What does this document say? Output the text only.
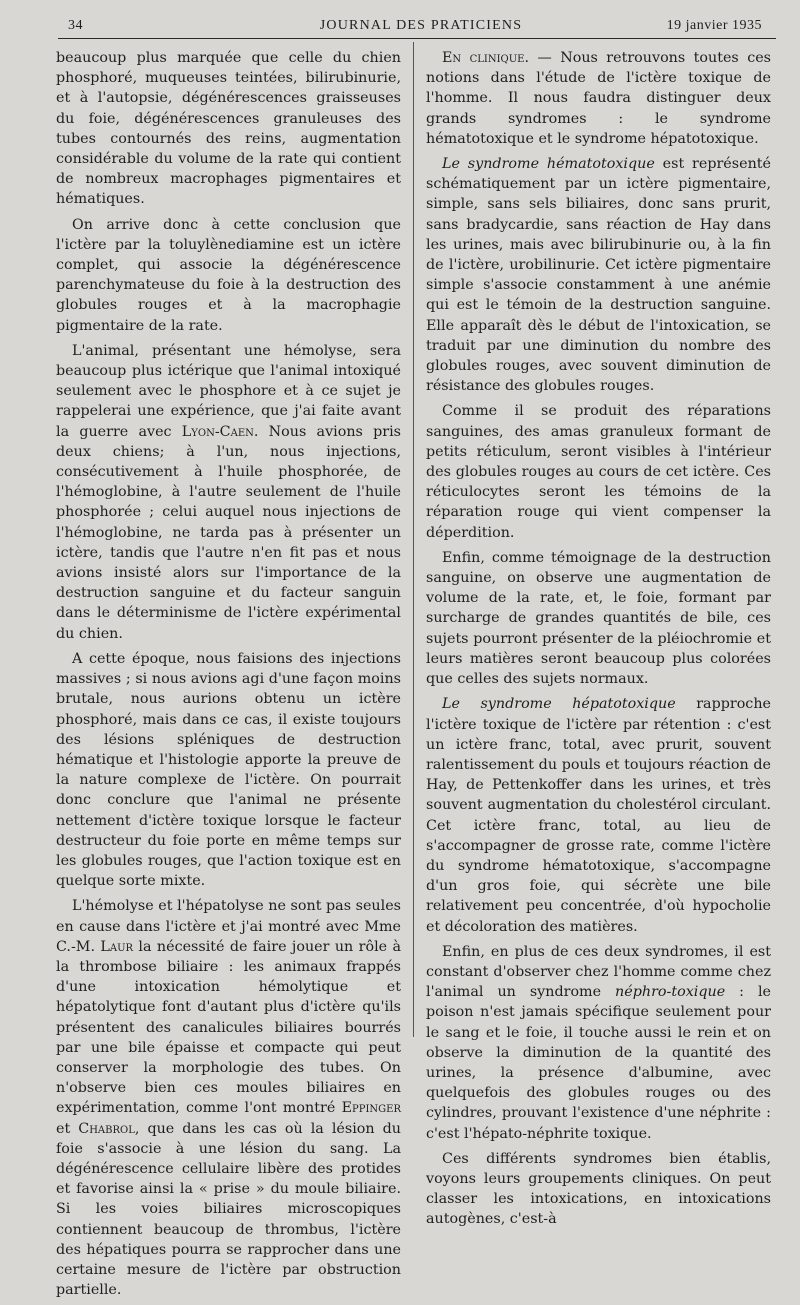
34	JOURNAL DES PRATICIENS	19 janvier 1935

beaucoup plus marquée que celle du chien phosphoré, muqueuses teintées, bilirubinurie, et à l'autopsie, dégénérescences graisseuses du foie, dégénérescences granuleuses des tubes contournés des reins, augmentation considérable du volume de la rate qui contient de nombreux macrophages pigmentaires et hématiques.

On arrive donc à cette conclusion que l'ictère par la toluylènediamine est un ictère complet, qui associe la dégénérescence parenchymateuse du foie à la destruction des globules rouges et à la macrophagie pigmentaire de la rate.

L'animal, présentant une hémolyse, sera beaucoup plus ictérique que l'animal intoxiqué seulement avec le phosphore et à ce sujet je rappelerai une expérience, que j'ai faite avant la guerre avec Lyon-Caen. Nous avions pris deux chiens; à l'un, nous injections, consécutivement à l'huile phosphorée, de l'hémoglobine, à l'autre seulement de l'huile phosphorée ; celui auquel nous injections de l'hémoglobine, ne tarda pas à présenter un ictère, tandis que l'autre n'en fit pas et nous avions insisté alors sur l'importance de la destruction sanguine et du facteur sanguin dans le déterminisme de l'ictère expérimental du chien.

A cette époque, nous faisions des injections massives ; si nous avions agi d'une façon moins brutale, nous aurions obtenu un ictère phosphoré, mais dans ce cas, il existe toujours des lésions spléniques de destruction hématique et l'histologie apporte la preuve de la nature complexe de l'ictère. On pourrait donc conclure que l'animal ne présente nettement d'ictère toxique lorsque le facteur destructeur du foie porte en même temps sur les globules rouges, que l'action toxique est en quelque sorte mixte.

L'hémolyse et l'hépatolyse ne sont pas seules en cause dans l'ictère et j'ai montré avec Mme C.-M. Laur la nécessité de faire jouer un rôle à la thrombose biliaire : les animaux frappés d'une intoxication hémolytique et hépatolytique font d'autant plus d'ictère qu'ils présentent des canalicules biliaires bourrés par une bile épaisse et compacte qui peut conserver la morphologie des tubes. On n'observe bien ces moules biliaires en expérimentation, comme l'ont montré Eppinger et Chabrol, que dans les cas où la lésion du foie s'associe à une lésion du sang. La dégénérescence cellulaire libère des protides et favorise ainsi la « prise » du moule biliaire. Si les voies biliaires microscopiques contiennent beaucoup de thrombus, l'ictère des hépatiques pourra se rapprocher dans une certaine mesure de l'ictère par obstruction partielle.

En clinique. — Nous retrouvons toutes ces notions dans l'étude de l'ictère toxique de l'homme. Il nous faudra distinguer deux grands syndromes : le syndrome hématotoxique et le syndrome hépatotoxique.

Le syndrome hématotoxique est représenté schématiquement par un ictère pigmentaire, simple, sans sels biliaires, donc sans prurit, sans bradycardie, sans réaction de Hay dans les urines, mais avec bilirubinurie ou, à la fin de l'ictère, urobilinurie. Cet ictère pigmentaire simple s'associe constamment à une anémie qui est le témoin de la destruction sanguine. Elle apparaît dès le début de l'intoxication, se traduit par une diminution du nombre des globules rouges, avec souvent diminution de résistance des globules rouges.

Comme il se produit des réparations sanguines, des amas granuleux formant de petits réticulum, seront visibles à l'intérieur des globules rouges au cours de cet ictère. Ces réticulocytes seront les témoins de la réparation rouge qui vient compenser la déperdition.

Enfin, comme témoignage de la destruction sanguine, on observe une augmentation de volume de la rate, et, le foie, formant par surcharge de grandes quantités de bile, ces sujets pourront présenter de la pléiochromie et leurs matières seront beaucoup plus colorées que celles des sujets normaux.

Le syndrome hépatotoxique rapproche l'ictère toxique de l'ictère par rétention : c'est un ictère franc, total, avec prurit, souvent ralentissement du pouls et toujours réaction de Hay, de Pettenkoffer dans les urines, et très souvent augmentation du cholestérol circulant. Cet ictère franc, total, au lieu de s'accompagner de grosse rate, comme l'ictère du syndrome hématotoxique, s'accompagne d'un gros foie, qui sécrète une bile relativement peu concentrée, d'où hypocholie et décoloration des matières.

Enfin, en plus de ces deux syndromes, il est constant d'observer chez l'homme comme chez l'animal un syndrome néphro-toxique : le poison n'est jamais spécifique seulement pour le sang et le foie, il touche aussi le rein et on observe la diminution de la quantité des urines, la présence d'albumine, avec quelquefois des globules rouges ou des cylindres, prouvant l'existence d'une néphrite : c'est l'hépato-néphrite toxique.

Ces différents syndromes bien établis, voyons leurs groupements cliniques. On peut classer les intoxications, en intoxications autogènes, c'est-à
